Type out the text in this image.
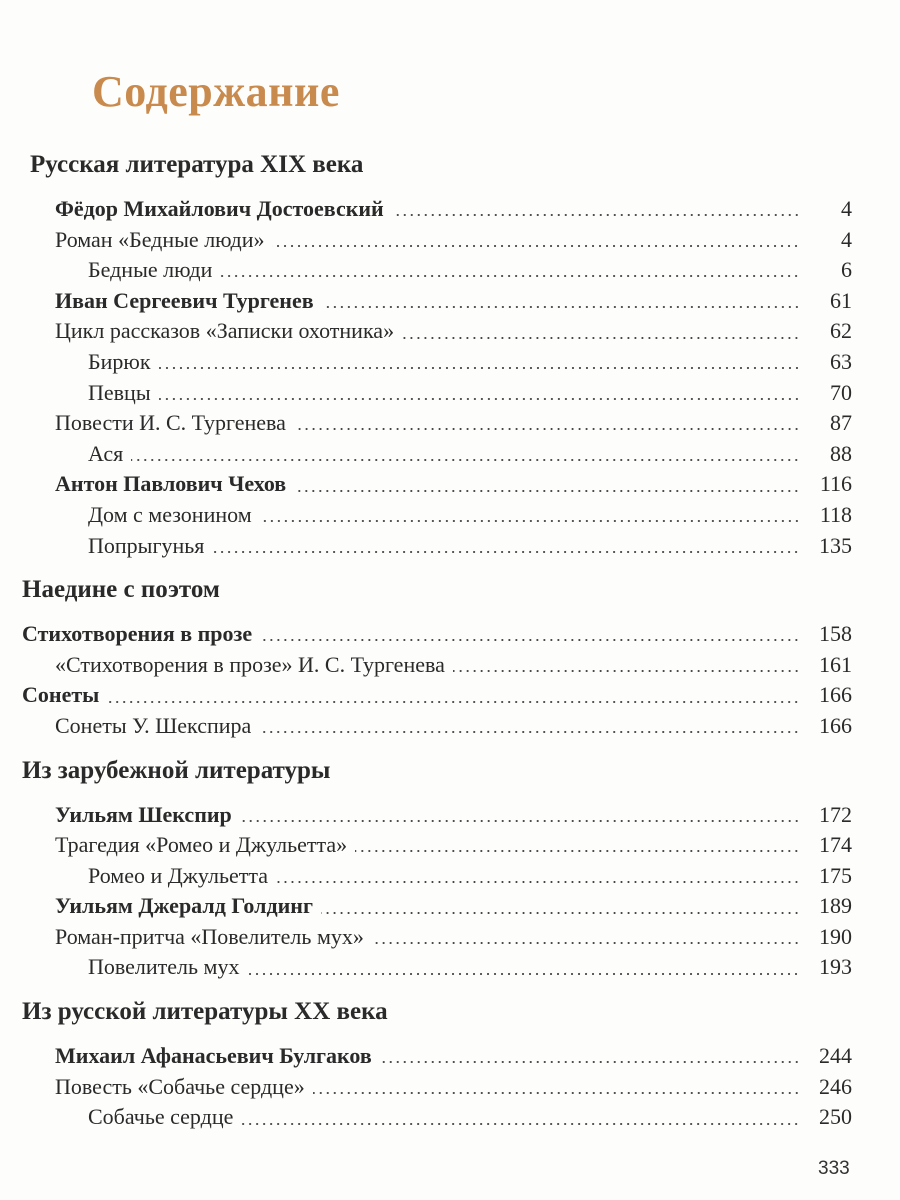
Содержание
Русская литература XIX века
Фёдор Михайлович Достоевский	4
Роман «Бедные люди»	4
Бедные люди	6
Иван Сергеевич Тургенев	61
Цикл рассказов «Записки охотника»	62
Бирюк	63
Певцы	70
Повести И. С. Тургенева	87
Ася	88
Антон Павлович Чехов	116
Дом с мезонином	118
Попрыгунья	135
Наедине с поэтом
Стихотворения в прозе	158
«Стихотворения в прозе» И. С. Тургенева	161
Сонеты	166
Сонеты У. Шекспира	166
Из зарубежной литературы
Уильям Шекспир	172
Трагедия «Ромео и Джульетта»	174
Ромео и Джульетта	175
Уильям Джералд Голдинг	189
Роман-притча «Повелитель мух»	190
Повелитель мух	193
Из русской литературы XX века
Михаил Афанасьевич Булгаков	244
Повесть «Собачье сердце»	246
Собачье сердце	250
333
